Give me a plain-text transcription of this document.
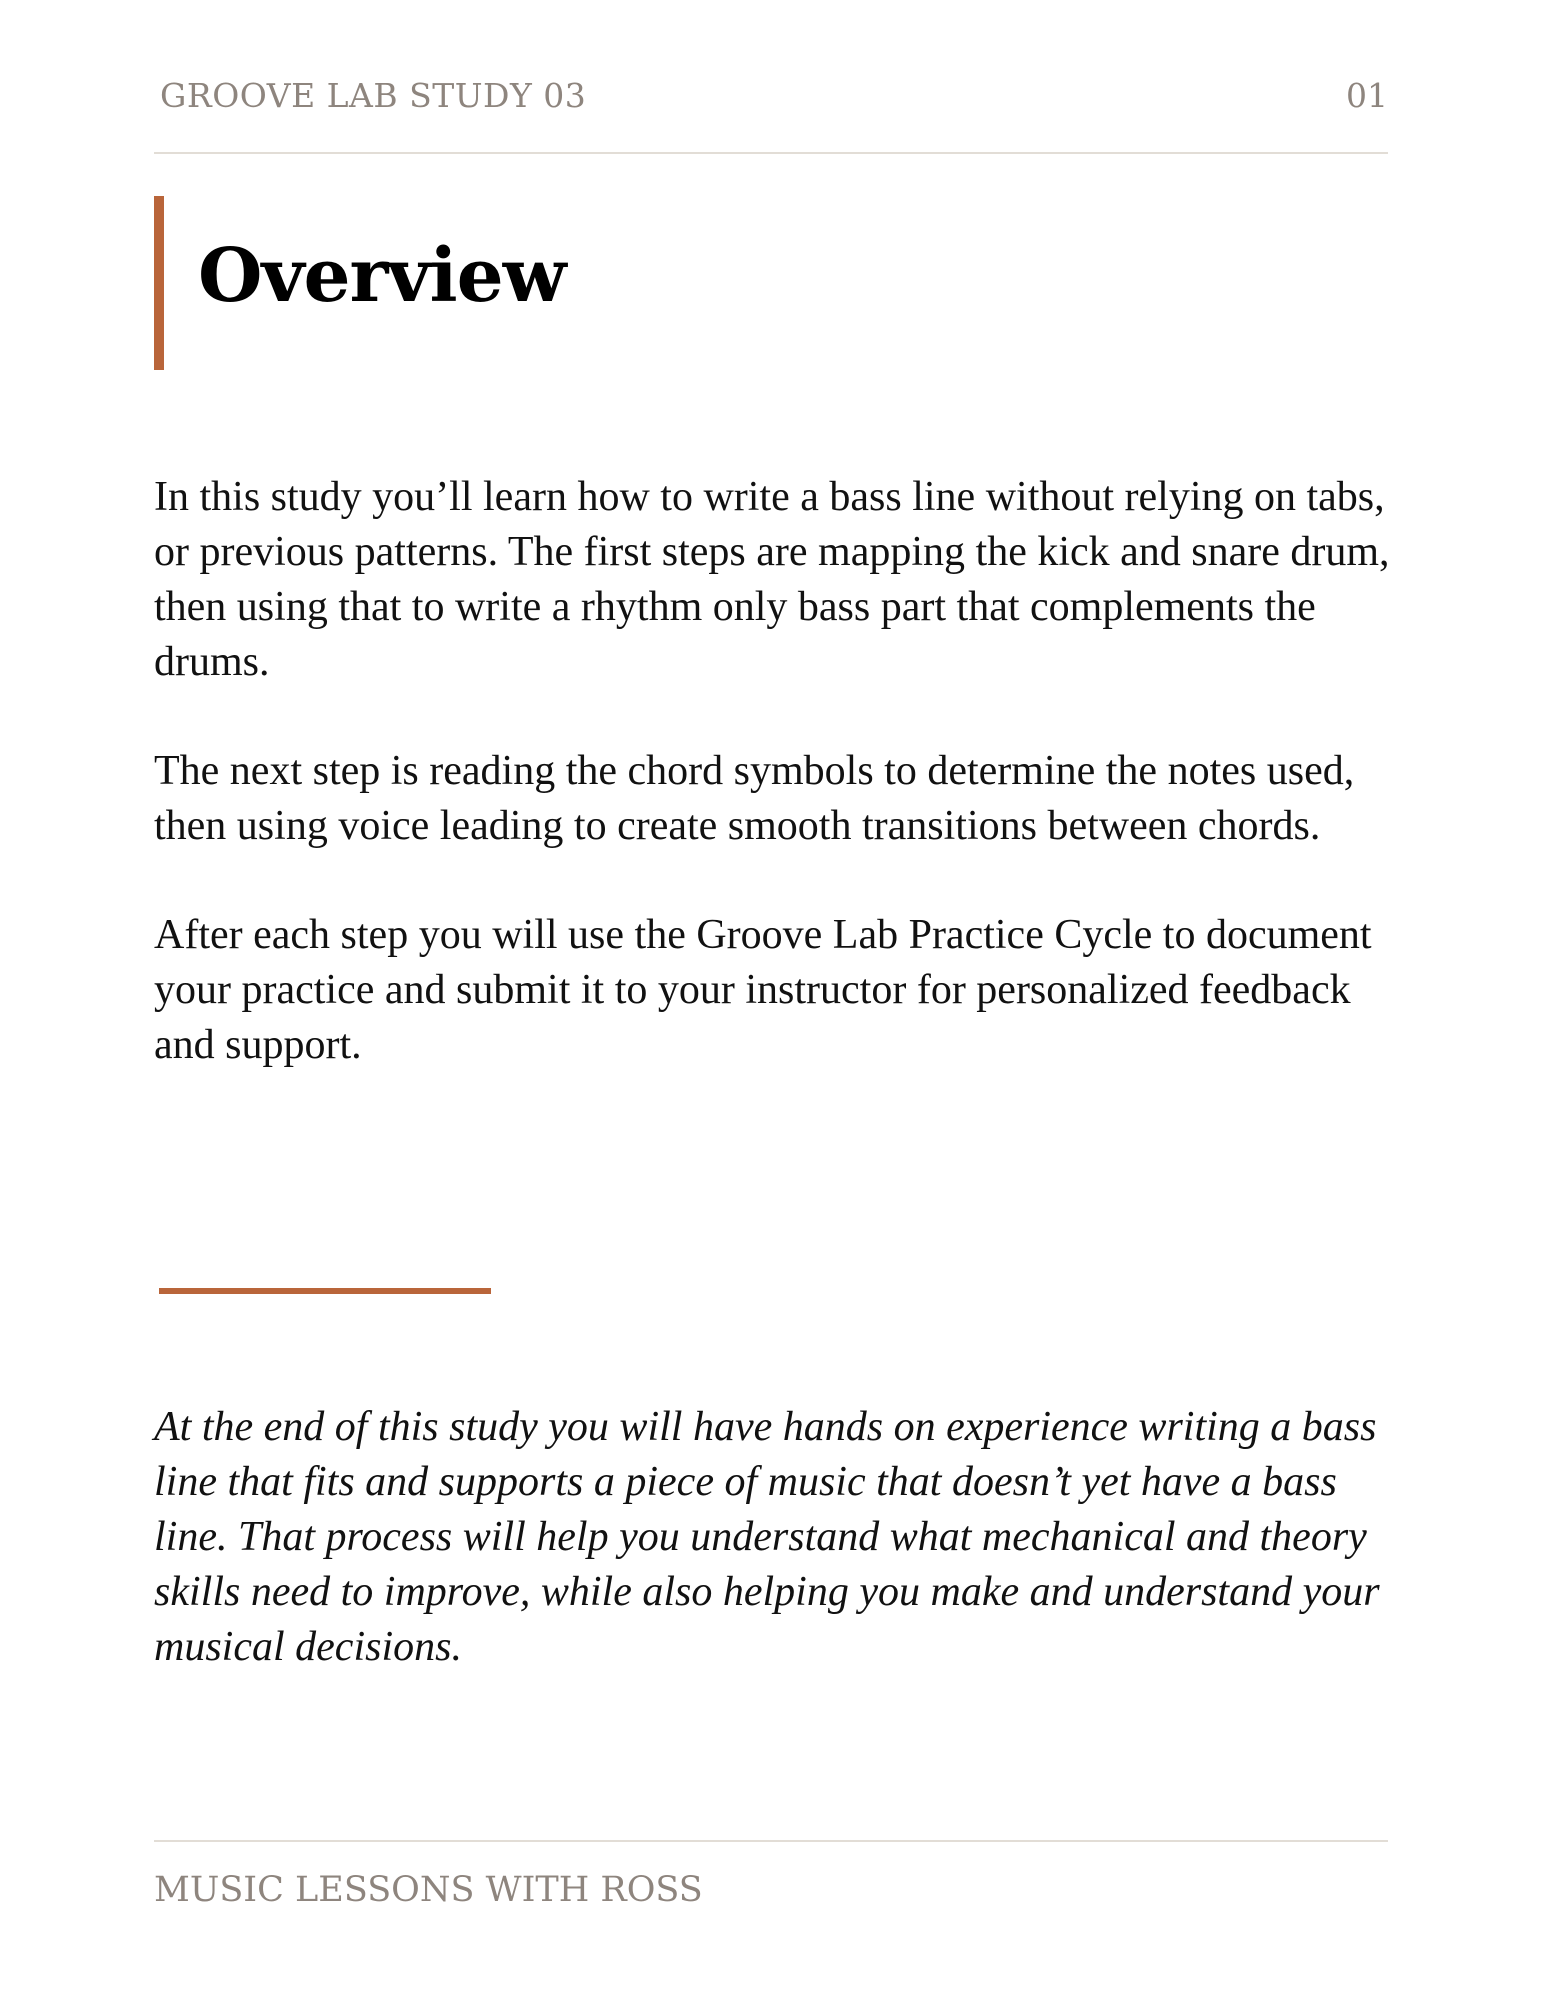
GROOVE LAB STUDY 03	01
Overview

In this study you’ll learn how to write a bass line without relying on tabs, or previous patterns. The first steps are mapping the kick and snare drum, then using that to write a rhythm only bass part that complements the drums.

The next step is reading the chord symbols to determine the notes used, then using voice leading to create smooth transitions between chords.

After each step you will use the Groove Lab Practice Cycle to document your practice and submit it to your instructor for personalized feedback and support.

At the end of this study you will have hands on experience writing a bass line that fits and supports a piece of music that doesn’t yet have a bass line. That process will help you understand what mechanical and theory skills need to improve, while also helping you make and understand your musical decisions.

MUSIC LESSONS WITH ROSS
